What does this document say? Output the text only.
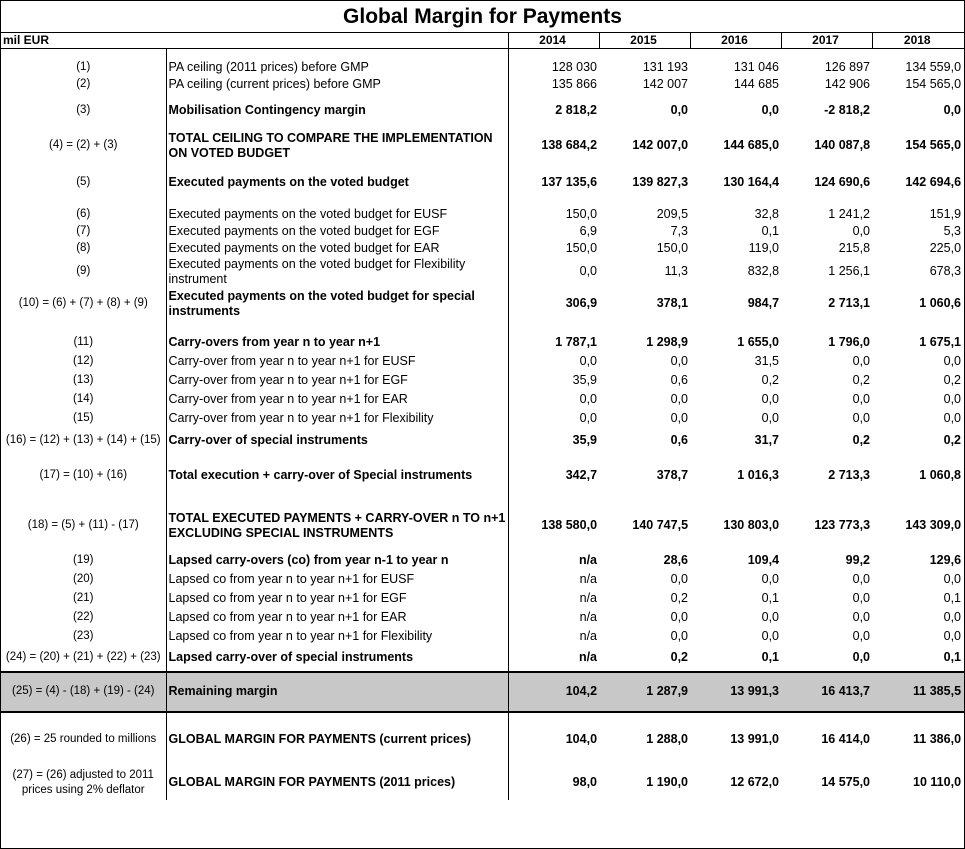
Global Margin for Payments
mil EUR		2014	2015	2016	2017	2018

(1)	PA ceiling (2011 prices) before GMP	128 030	131 193	131 046	126 897	134 559,0
(2)	PA ceiling (current prices) before GMP	135 866	142 007	144 685	142 906	154 565,0

(3)	Mobilisation Contingency margin	2 818,2	0,0	0,0	-2 818,2	0,0

(4) = (2) + (3)	TOTAL CEILING TO COMPARE THE IMPLEMENTATION ON VOTED BUDGET	138 684,2	142 007,0	144 685,0	140 087,8	154 565,0

(5)	Executed payments on the voted budget	137 135,6	139 827,3	130 164,4	124 690,6	142 694,6

(6)	Executed payments on the voted budget for EUSF	150,0	209,5	32,8	1 241,2	151,9
(7)	Executed payments on the voted budget for EGF	6,9	7,3	0,1	0,0	5,3
(8)	Executed payments on the voted budget for EAR	150,0	150,0	119,0	215,8	225,0
(9)	Executed payments on the voted budget for Flexibility instrument	0,0	11,3	832,8	1 256,1	678,3
(10) = (6) + (7) + (8) + (9)	Executed payments on the voted budget for special instruments	306,9	378,1	984,7	2 713,1	1 060,6

(11)	Carry-overs from year n to year n+1	1 787,1	1 298,9	1 655,0	1 796,0	1 675,1
(12)	Carry-over from year n to year n+1 for EUSF	0,0	0,0	31,5	0,0	0,0
(13)	Carry-over from year n to year n+1 for EGF	35,9	0,6	0,2	0,2	0,2
(14)	Carry-over from year n to year n+1 for EAR	0,0	0,0	0,0	0,0	0,0
(15)	Carry-over from year n to year n+1 for Flexibility	0,0	0,0	0,0	0,0	0,0
(16) = (12) + (13) + (14) + (15)	Carry-over of special instruments	35,9	0,6	31,7	0,2	0,2

(17) = (10) + (16)	Total execution + carry-over of Special instruments	342,7	378,7	1 016,3	2 713,3	1 060,8

(18) = (5) + (11) - (17)	TOTAL EXECUTED PAYMENTS + CARRY-OVER n TO n+1 EXCLUDING SPECIAL INSTRUMENTS	138 580,0	140 747,5	130 803,0	123 773,3	143 309,0

(19)	Lapsed carry-overs (co) from year n-1 to year n	n/a	28,6	109,4	99,2	129,6
(20)	Lapsed co from year n to year n+1 for EUSF	n/a	0,0	0,0	0,0	0,0
(21)	Lapsed co from year n to year n+1 for EGF	n/a	0,2	0,1	0,0	0,1
(22)	Lapsed co from year n to year n+1 for EAR	n/a	0,0	0,0	0,0	0,0
(23)	Lapsed co from year n to year n+1 for Flexibility	n/a	0,0	0,0	0,0	0,0
(24) = (20) + (21) + (22) + (23)	Lapsed carry-over of special instruments	n/a	0,2	0,1	0,0	0,1

(25) = (4) - (18) + (19) - (24)	Remaining margin	104,2	1 287,9	13 991,3	16 413,7	11 385,5

(26) = 25 rounded to millions	GLOBAL MARGIN FOR PAYMENTS (current prices)	104,0	1 288,0	13 991,0	16 414,0	11 386,0
(27) = (26) adjusted to 2011 prices using 2% deflator	GLOBAL MARGIN FOR PAYMENTS (2011 prices)	98,0	1 190,0	12 672,0	14 575,0	10 110,0
